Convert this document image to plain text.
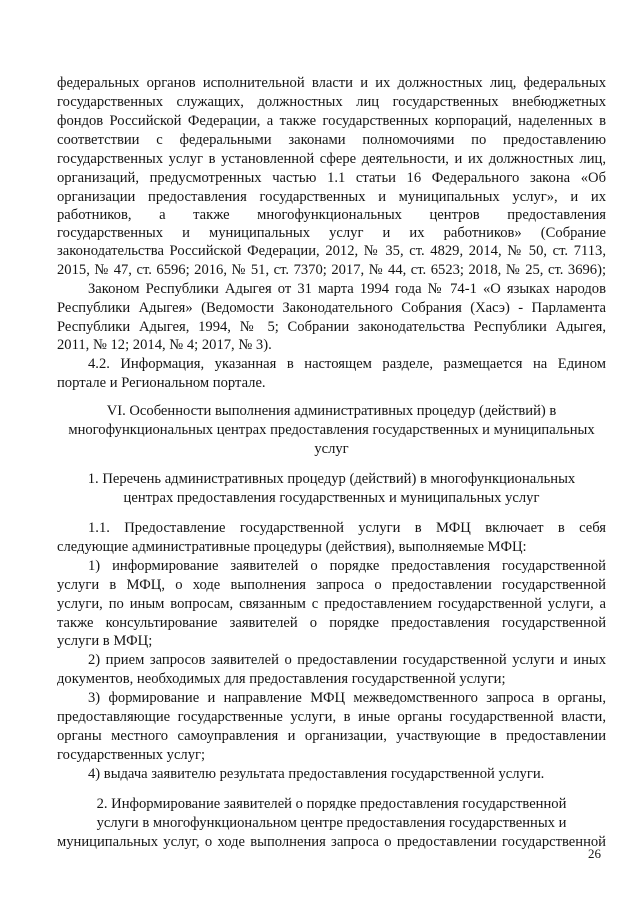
федеральных органов исполнительной власти и их должностных лиц, федеральных

государственных служащих, должностных лиц государственных внебюджетных

фондов Российской Федерации, а также государственных корпораций, наделенных в

соответствии с федеральными законами полномочиями по предоставлению

государственных услуг в установленной сфере деятельности, и их должностных лиц,

организаций, предусмотренных частью 1.1 статьи 16 Федерального закона «Об

организации предоставления государственных и муниципальных услуг», и их

работников, а также многофункциональных центров предоставления

государственных и муниципальных услуг и их работников» (Собрание

законодательства Российской Федерации, 2012, № 35, ст. 4829, 2014, № 50, ст. 7113,

2015, № 47, ст. 6596; 2016, № 51, ст. 7370; 2017, № 44, ст. 6523; 2018, № 25, ст. 3696);

Законом Республики Адыгея от 31 марта 1994 года № 74-1 «О языках народов

Республики Адыгея» (Ведомости Законодательного Собрания (Хасэ) - Парламента

Республики Адыгея, 1994, № 5; Собрании законодательства Республики Адыгея,

2011, № 12; 2014, № 4; 2017, № 3).

4.2. Информация, указанная в настоящем разделе, размещается на Едином

портале и Региональном портале.

VI. Особенности выполнения административных процедур (действий) в

многофункциональных центрах предоставления государственных и муниципальных

услуг

1. Перечень административных процедур (действий) в многофункциональных

центрах предоставления государственных и муниципальных услуг

1.1. Предоставление государственной услуги в МФЦ включает в себя

следующие административные процедуры (действия), выполняемые МФЦ:

1) информирование заявителей о порядке предоставления государственной

услуги в МФЦ, о ходе выполнения запроса о предоставлении государственной

услуги, по иным вопросам, связанным с предоставлением государственной услуги, а

также консультирование заявителей о порядке предоставления государственной

услуги в МФЦ;

2) прием запросов заявителей о предоставлении государственной услуги и иных

документов, необходимых для предоставления государственной услуги;

3) формирование и направление МФЦ межведомственного запроса в органы,

предоставляющие государственные услуги, в иные органы государственной власти,

органы местного самоуправления и организации, участвующие в предоставлении

государственных услуг;

4) выдача заявителю результата предоставления государственной услуги.

2. Информирование заявителей о порядке предоставления государственной

услуги в многофункциональном центре предоставления государственных и

муниципальных услуг, о ходе выполнения запроса о предоставлении государственной

26
